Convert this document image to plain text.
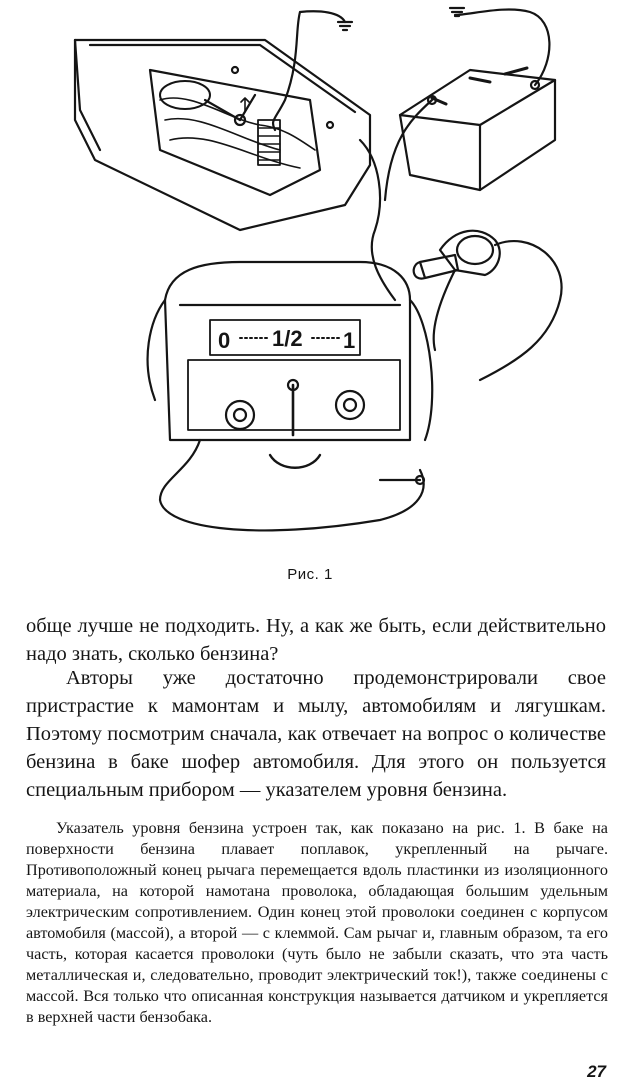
0 1/2 1
Рис. 1

общe лучше не подходить. Ну, а как же быть, если действительно надо знать, сколько бензина?

Авторы уже достаточно продемонстрировали свое пристрастие к мамонтам и мылу, автомобилям и лягушкам. Поэтому посмотрим сначала, как отвечает на вопрос о количестве бензина в баке шофер автомобиля. Для этого он пользуется специальным прибором — указателем уровня бензина.

Указатель уровня бензина устроен так, как показано на рис. 1. В баке на поверхности бензина плавает поплавок, укрепленный на рычаге. Противоположный конец рычага перемещается вдоль пластинки из изоляционного материала, на которой намотана проволока, обладающая большим удельным электрическим сопротивлением. Один конец этой проволоки соединен с корпусом автомобиля (массой), а второй — с клеммой. Сам рычаг и, главным образом, та его часть, которая касается проволоки (чуть было не забыли сказать, что эта часть металлическая и, следовательно, проводит электрический ток!), также соединены с массой. Вся только что описанная конструкция называется датчиком и укрепляется в верхней части бензобака.

27
